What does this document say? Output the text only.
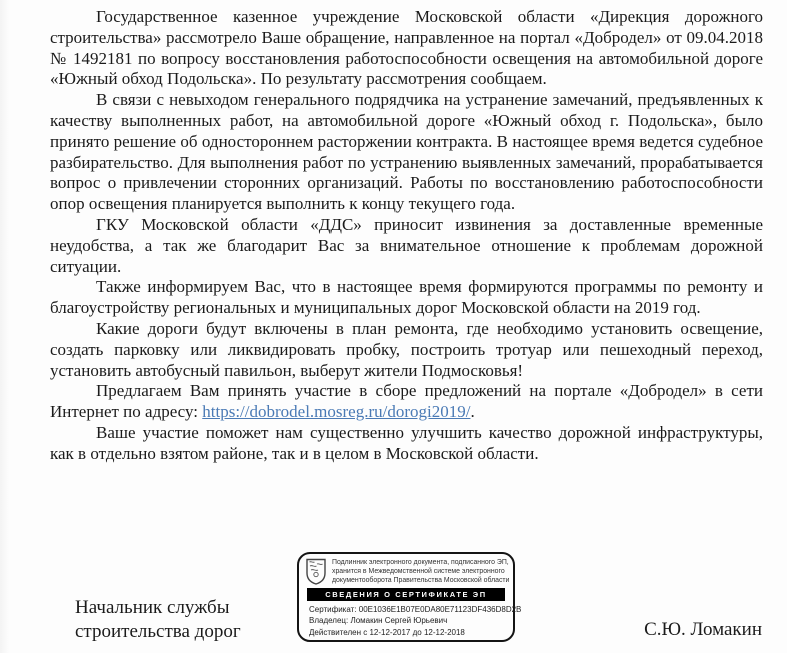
Государственное казенное учреждение Московской области «Дирекция дорожного строительства» рассмотрело Ваше обращение, направленное на портал «Добродел» от 09.04.2018 № 1492181 по вопросу восстановления работоспособности освещения на автомобильной дороге «Южный обход Подольска». По результату рассмотрения сообщаем.

В связи с невыходом генерального подрядчика на устранение замечаний, предъявленных к качеству выполненных работ, на автомобильной дороге «Южный обход г. Подольска», было принято решение об одностороннем расторжении контракта. В настоящее время ведется судебное разбирательство. Для выполнения работ по устранению выявленных замечаний, прорабатывается вопрос о привлечении сторонних организаций. Работы по восстановлению работоспособности опор освещения планируется выполнить к концу текущего года.

ГКУ Московской области «ДДС» приносит извинения за доставленные временные неудобства, а так же благодарит Вас за внимательное отношение к проблемам дорожной ситуации.

Также информируем Вас, что в настоящее время формируются программы по ремонту и благоустройству региональных и муниципальных дорог Московской области на 2019 год.

Какие дороги будут включены в план ремонта, где необходимо установить освещение, создать парковку или ликвидировать пробку, построить тротуар или пешеходный переход, установить автобусный павильон, выберут жители Подмосковья!

Предлагаем Вам принять участие в сборе предложений на портале «Добродел» в сети Интернет по адресу: https://dobrodel.mosreg.ru/dorogi2019/.

Ваше участие поможет нам существенно улучшить качество дорожной инфраструктуры, как в отдельно взятом районе, так и в целом в Московской области.

Подлинник электронного документа, подписанного ЭП,
хранится в Межведомственной системе электронного
документооборота Правительства Московской области
СВЕДЕНИЯ О СЕРТИФИКАТЕ ЭП
Сертификат: 00E1036E1B07E0DA80E71123DF436D8D2B
Владелец: Ломакин Сергей Юрьевич
Действителен с 12-12-2017 до 12-12-2018
Начальник службы
строительства дорог	С.Ю. Ломакин
